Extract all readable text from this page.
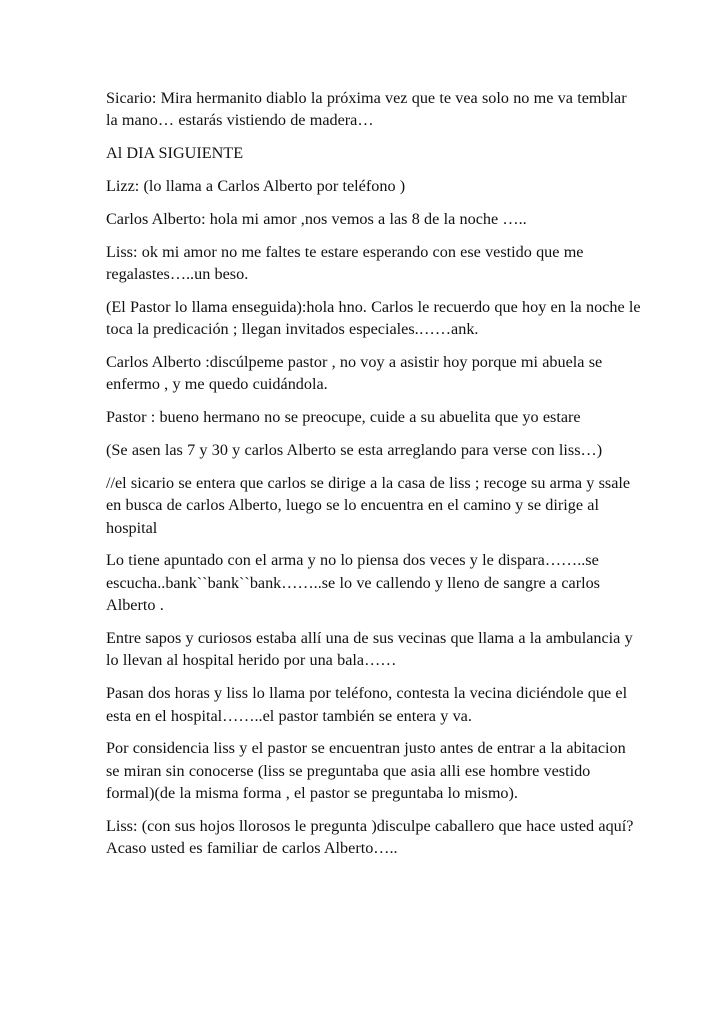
Sicario: Mira hermanito diablo la próxima vez que te vea solo no me va temblar la mano… estarás vistiendo de madera…

Al DIA SIGUIENTE

Lizz: (lo llama a Carlos Alberto por teléfono )

Carlos Alberto: hola mi amor ,nos vemos a las 8 de la noche …..

Liss: ok mi amor no me faltes te estare esperando con ese vestido que me regalastes…..un beso.

(El Pastor lo llama enseguida):hola hno. Carlos le recuerdo que hoy en la noche le toca la predicación ; llegan invitados especiales.……ank.

Carlos Alberto :discúlpeme pastor , no voy a asistir hoy porque mi abuela se enfermo , y me quedo cuidándola.

Pastor : bueno hermano no se preocupe, cuide a su abuelita que yo estare

(Se asen las 7 y 30 y carlos Alberto se esta arreglando para verse con liss…)

//el sicario se entera que carlos se dirige a la casa de liss ; recoge su arma y ssale en busca de carlos Alberto, luego se lo encuentra en el camino y se dirige al hospital

Lo tiene apuntado con el arma y no lo piensa dos veces y le dispara……..se escucha..bank``bank``bank……..se lo ve callendo y lleno de sangre a carlos Alberto .

Entre sapos y curiosos estaba allí una de sus vecinas que llama a la ambulancia y lo llevan al hospital herido por una bala……

Pasan dos horas y liss lo llama por teléfono, contesta la vecina diciéndole que el esta en el hospital……..el pastor también se entera y va.

Por considencia liss y el pastor se encuentran justo antes de entrar a la abitacion se miran sin conocerse (liss se preguntaba que asia alli ese hombre vestido formal)(de la misma forma , el pastor se preguntaba lo mismo).

Liss: (con sus hojos llorosos le pregunta )disculpe caballero que hace usted aquí? Acaso usted es familiar de carlos Alberto…..
